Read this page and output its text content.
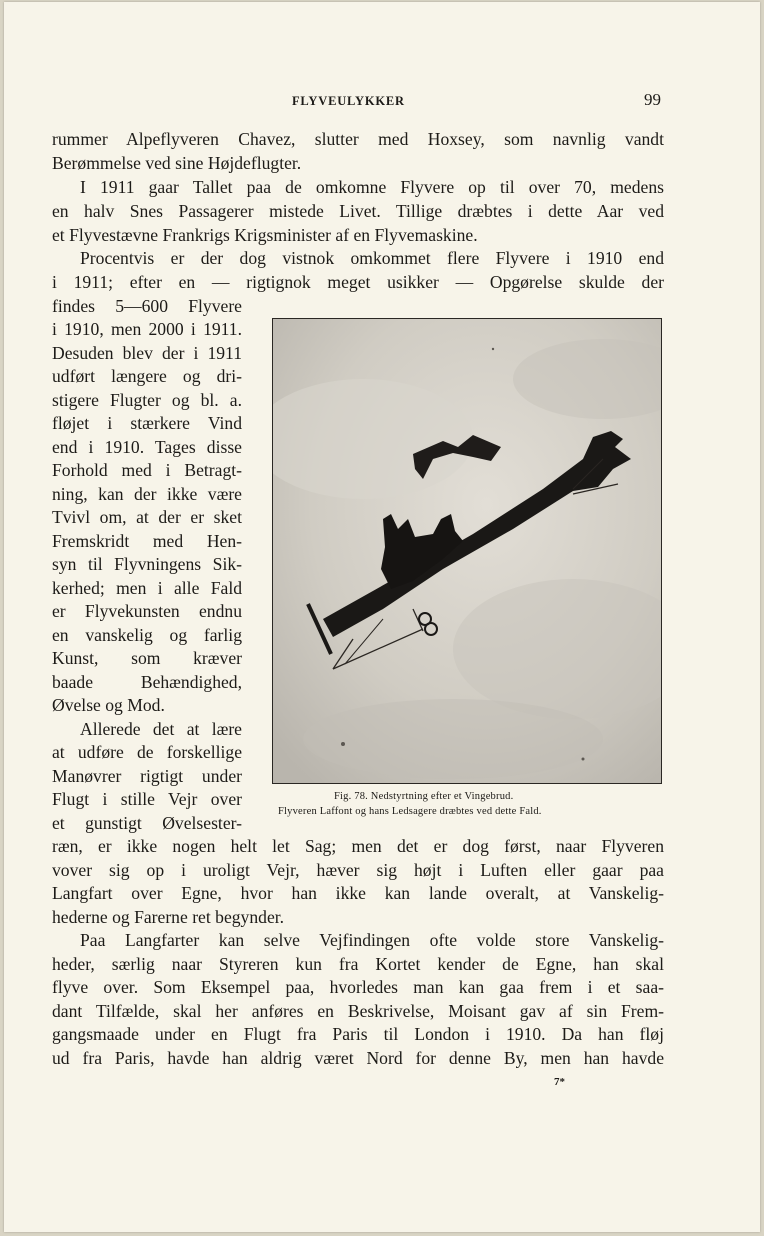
FLYVEULYKKER	99
rummer Alpeflyveren Chavez, slutter med Hoxsey, som navnlig vandt
Berømmelse ved sine Højdeflugter.
I 1911 gaar Tallet paa de omkomne Flyvere op til over 70, medens
en halv Snes Passagerer mistede Livet. Tillige dræbtes i dette Aar ved
et Flyvestævne Frankrigs Krigsminister af en Flyvemaskine.
Procentvis er der dog vistnok omkommet flere Flyvere i 1910 end
i 1911; efter en — rigtignok meget usikker — Opgørelse skulde der
findes 5—600 Flyvere
i 1910, men 2000 i 1911.
Desuden blev der i 1911
udført længere og dri-
stigere Flugter og bl. a.
fløjet i stærkere Vind
end i 1910. Tages disse
Forhold med i Betragt-
ning, kan der ikke være
Tvivl om, at der er sket
Fremskridt med Hen-
syn til Flyvningens Sik-
kerhed; men i alle Fald
er Flyvekunsten endnu
en vanskelig og farlig
Kunst, som kræver
baade Behændighed,
Øvelse og Mod.
Allerede det at lære
at udføre de forskellige
Manøvrer rigtigt under
Flugt i stille Vejr over
et gunstigt Øvelsester-
ræn, er ikke nogen helt let Sag; men det er dog først, naar Flyveren
vover sig op i uroligt Vejr, hæver sig højt i Luften eller gaar paa
Langfart over Egne, hvor han ikke kan lande overalt, at Vanskelig-
hederne og Farerne ret begynder.
Paa Langfarter kan selve Vejfindingen ofte volde store Vanskelig-
heder, særlig naar Styreren kun fra Kortet kender de Egne, han skal
flyve over. Som Eksempel paa, hvorledes man kan gaa frem i et saa-
dant Tilfælde, skal her anføres en Beskrivelse, Moisant gav af sin Frem-
gangsmaade under en Flugt fra Paris til London i 1910. Da han fløj
ud fra Paris, havde han aldrig været Nord for denne By, men han havde
Fig. 78. Nedstyrtning efter et Vingebrud.
Flyveren Laffont og hans Ledsagere dræbtes ved dette Fald.
7*
